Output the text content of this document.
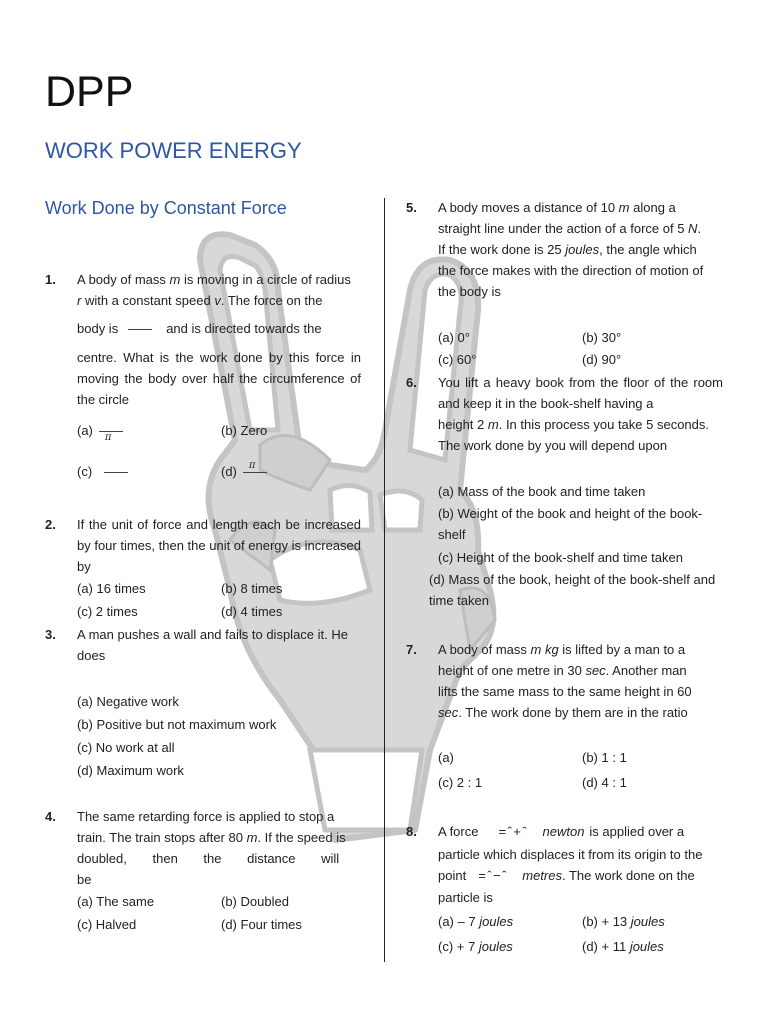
DPP
WORK POWER ENERGY
Work Done by Constant Force
1. A body of mass m is moving in a circle of radius
r with a constant speed v. The force on the
body is	and is directed towards the
centre. What is the work done by this force in moving the body over half the circumference of the circle
(a) π	(b) Zero
(c)	(d) π
2. If the unit of force and length each be increased by four times, then the unit of energy is increased by
(a) 16 times	(b) 8 times
(c) 2 times	(d) 4 times
3. A man pushes a wall and fails to displace it. He does
(a) Negative work
(b) Positive but not maximum work
(c) No work at all
(d) Maximum work
4. The same retarding force is applied to stop a
train. The train stops after 80 m. If the speed is
doubled, then the distance will be
(a) The same	(b) Doubled
(c) Halved	(d) Four times
5. A body moves a distance of 10 m along a
straight line under the action of a force of 5 N.
If the work done is 25 joules, the angle which
the force makes with the direction of motion of the body is
(a) 0°	(b) 30°
(c) 60°	(d) 90°
6. You lift a heavy book from the floor of the room and keep it in the book-shelf having a
height 2 m. In this process you take 5 seconds. The work done by you will depend upon
(a) Mass of the book and time taken
(b) Weight of the book and height of the book-shelf
(c) Height of the book-shelf and time taken
(d) Mass of the book, height of the book-shelf and time taken
7. A body of mass m kg is lifted by a man to a
height of one metre in 30 sec. Another man
lifts the same mass to the same height in 60
sec. The work done by them are in the ratio
(a)	(b) 1 : 1
(c) 2 : 1	(d) 4 : 1
8. A force = ̂ + ̂ newton is applied over a
particle which displaces it from its origin to the
point = ̂ − ̂ metres. The work done on the
particle is
(a) – 7 joules	(b) + 13 joules
(c) + 7 joules	(d) + 11 joules
